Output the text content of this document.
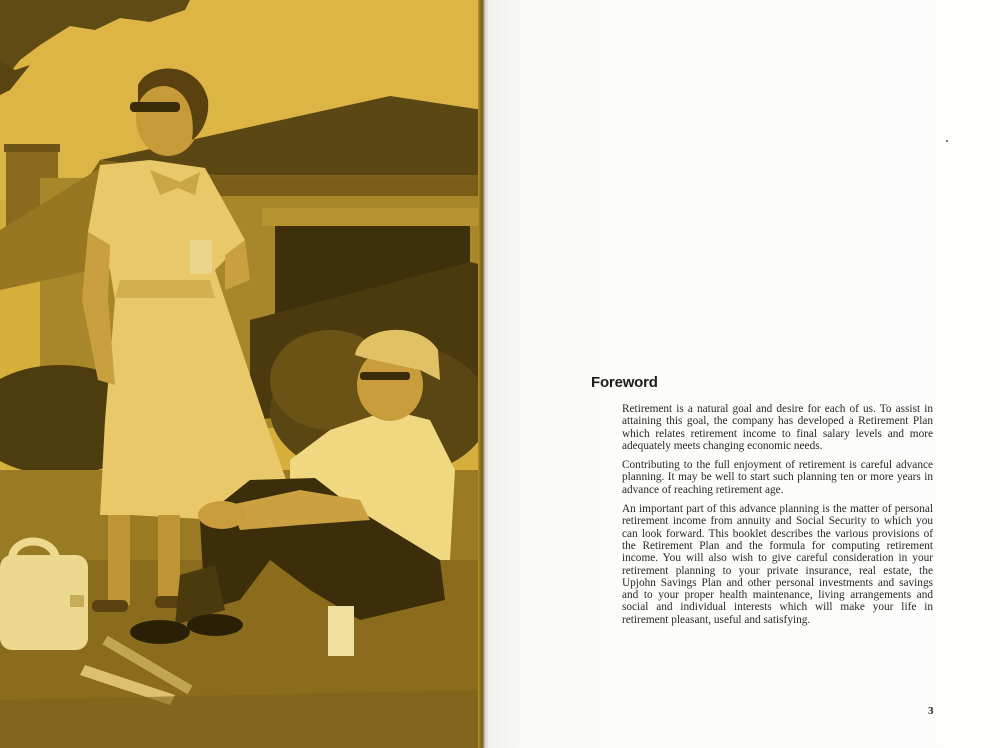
Foreword

Retirement is a natural goal and desire for each of us. To assist in attaining this goal, the company has developed a Retirement Plan which relates retirement income to final salary levels and more adequately meets changing economic needs.

Contributing to the full enjoyment of retirement is careful advance planning. It may be well to start such planning ten or more years in advance of reaching retirement age.

An important part of this advance planning is the matter of personal retirement income from annuity and Social Security to which you can look forward. This booklet describes the various provisions of the Retirement Plan and the formula for computing retirement income. You will also wish to give careful consideration in your retirement planning to your private insurance, real estate, the Upjohn Savings Plan and other personal investments and savings and to your proper health maintenance, living arrangements and social and individual interests which will make your life in retirement pleasant, useful and satisfying.

3
